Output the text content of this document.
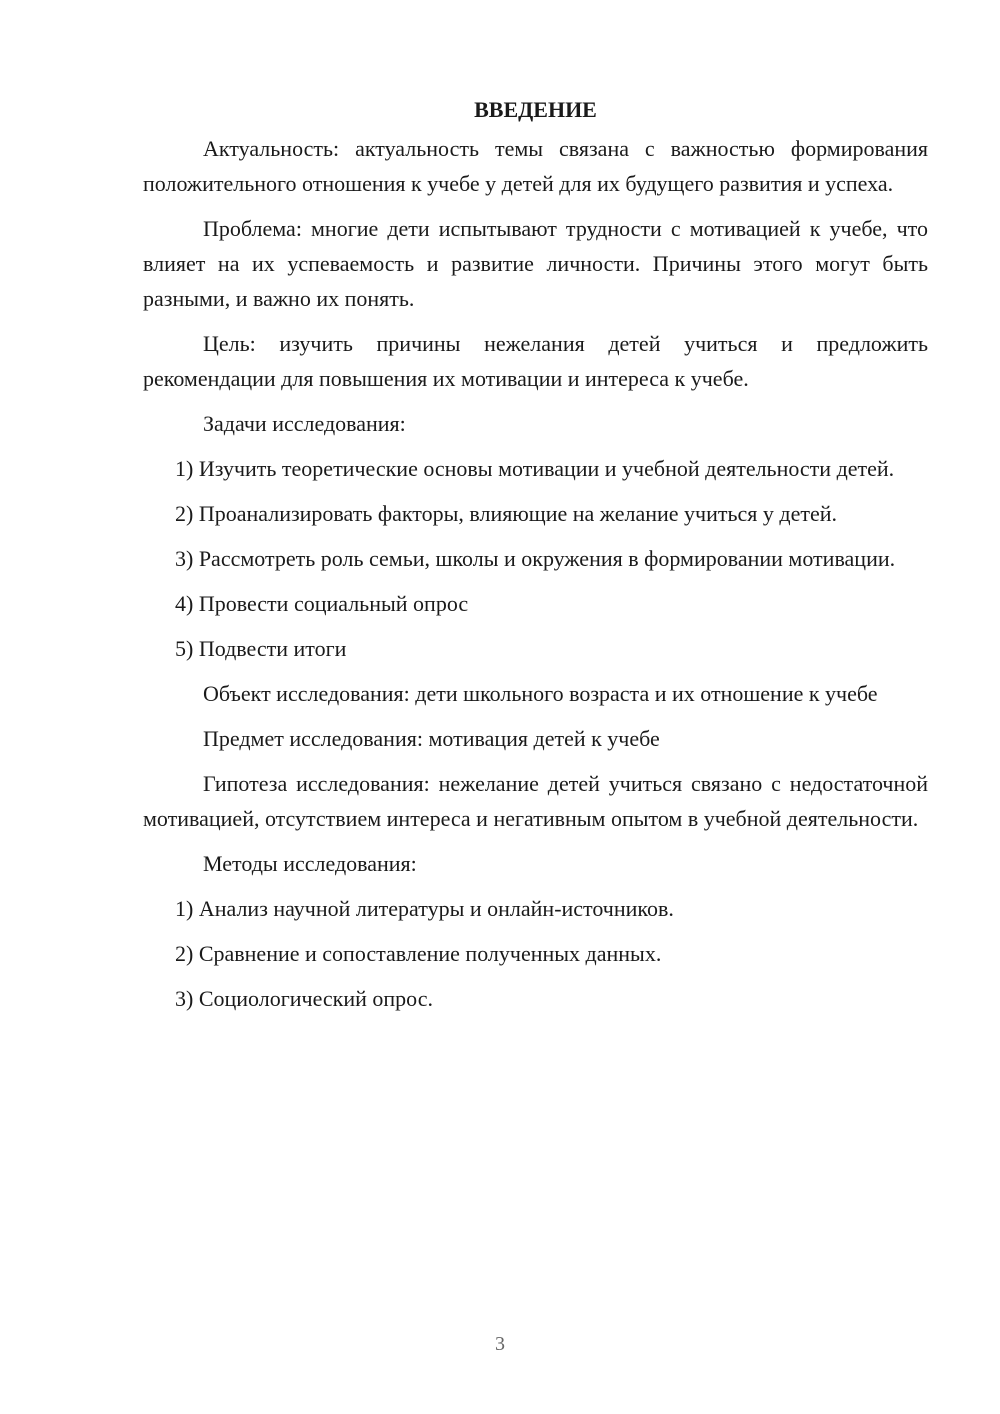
ВВЕДЕНИЕ

Актуальность: актуальность темы связана с важностью формирования положительного отношения к учебе у детей для их будущего развития и успеха.

Проблема: многие дети испытывают трудности с мотивацией к учебе, что влияет на их успеваемость и развитие личности. Причины этого могут быть разными, и важно их понять.

Цель: изучить причины нежелания детей учиться и предложить рекомендации для повышения их мотивации и интереса к учебе.

Задачи исследования:

1) Изучить теоретические основы мотивации и учебной деятельности детей.

2) Проанализировать факторы, влияющие на желание учиться у детей.

3) Рассмотреть роль семьи, школы и окружения в формировании мотивации.

4) Провести социальный опрос

5) Подвести итоги

Объект исследования: дети школьного возраста и их отношение к учебе

Предмет исследования: мотивация детей к учебе

Гипотеза исследования: нежелание детей учиться связано с недостаточной мотивацией, отсутствием интереса и негативным опытом в учебной деятельности.

Методы исследования:

1) Анализ научной литературы и онлайн-источников.

2) Сравнение и сопоставление полученных данных.

3) Социологический опрос.

3
